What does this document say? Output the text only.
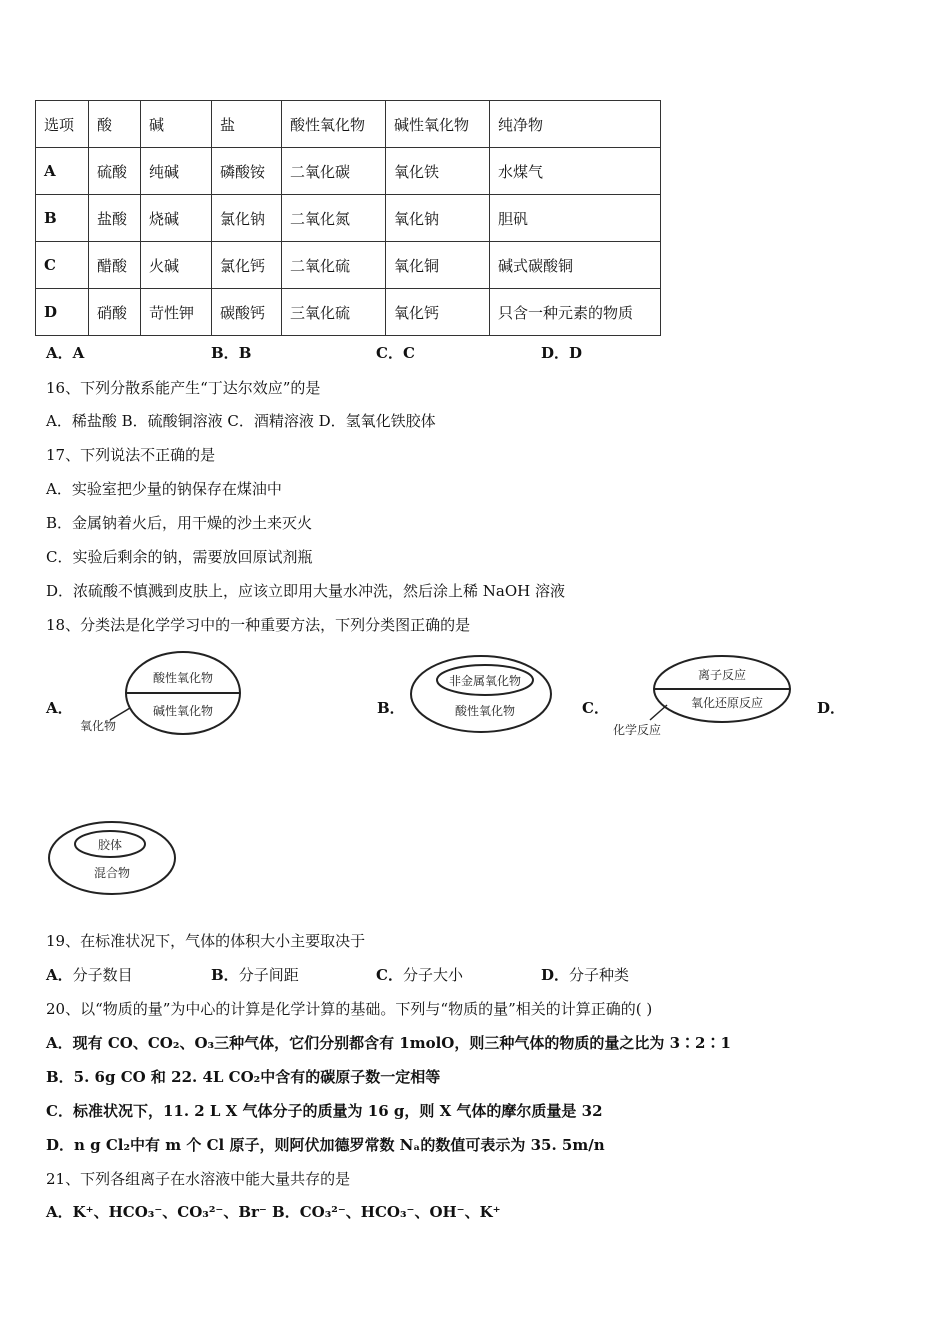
选项	酸	碱	盐	酸性氧化物	碱性氧化物	纯净物
A	硫酸	纯碱	磷酸铵	二氧化碳	氧化铁	水煤气
B	盐酸	烧碱	氯化钠	二氧化氮	氧化钠	胆矾
C	醋酸	火碱	氯化钙	二氧化硫	氧化铜	碱式碳酸铜
D	硝酸	苛性钾	碳酸钙	三氧化硫	氧化钙	只含一种元素的物质
A．A	B．B	C．C	D．D
16、下列分散系能产生“丁达尔效应”的是
A．稀盐酸 B．硫酸铜溶液 C．酒精溶液 D．氢氧化铁胶体
17、下列说法不正确的是
A．实验室把少量的钠保存在煤油中
B．金属钠着火后，用干燥的沙土来灭火
C．实验后剩余的钠，需要放回原试剂瓶
D．浓硫酸不慎溅到皮肤上，应该立即用大量水冲洗，然后涂上稀 NaOH 溶液
18、分类法是化学学习中的一种重要方法，下列分类图正确的是
A．
酸性氧化物
碱性氧化物
氧化物
B．
非金属氧化物
酸性氧化物	C．
离子反应
氧化还原反应
化学反应
D．
胶体
混合物
19、在标准状况下，气体的体积大小主要取决于
A．分子数目	B．分子间距	C．分子大小	D．分子种类
20、以“物质的量”为中心的计算是化学计算的基础。下列与“物质的量”相关的计算正确的( )
A．现有 CO、CO₂、O₃三种气体，它们分别都含有 1molO，则三种气体的物质的量之比为 3∶2∶1
B．5. 6g CO 和 22. 4L CO₂中含有的碳原子数一定相等
C．标准状况下，11. 2 L X 气体分子的质量为 16 g，则 X 气体的摩尔质量是 32
D．n g Cl₂中有 m 个 Cl 原子，则阿伏加德罗常数 Nₐ的数值可表示为 35. 5m/n
21、下列各组离子在水溶液中能大量共存的是
A．K⁺、HCO₃⁻、CO₃²⁻、Br⁻ B．CO₃²⁻、HCO₃⁻、OH⁻、K⁺
